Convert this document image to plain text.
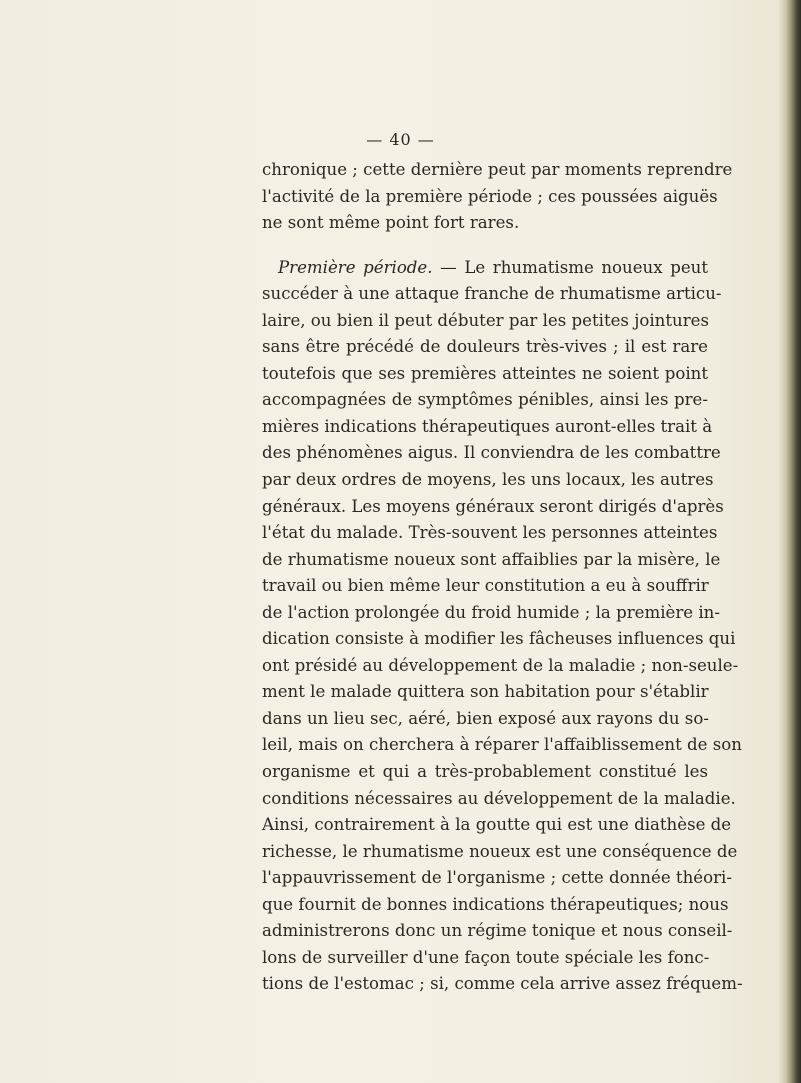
— 40 —
chronique ; cette dernière peut par moments reprendre
l'activité de la première période ; ces poussées aiguës
ne sont même point fort rares.
Première période. — Le rhumatisme noueux peut
succéder à une attaque franche de rhumatisme articu-
laire, ou bien il peut débuter par les petites jointures
sans être précédé de douleurs très-vives ; il est rare
toutefois que ses premières atteintes ne soient point
accompagnées de symptômes pénibles, ainsi les pre-
mières indications thérapeutiques auront-elles trait à
des phénomènes aigus. Il conviendra de les combattre
par deux ordres de moyens, les uns locaux, les autres
généraux. Les moyens généraux seront dirigés d'après
l'état du malade. Très-souvent les personnes atteintes
de rhumatisme noueux sont affaiblies par la misère, le
travail ou bien même leur constitution a eu à souffrir
de l'action prolongée du froid humide ; la première in-
dication consiste à modifier les fâcheuses influences qui
ont présidé au développement de la maladie ; non-seule-
ment le malade quittera son habitation pour s'établir
dans un lieu sec, aéré, bien exposé aux rayons du so-
leil, mais on cherchera à réparer l'affaiblissement de son
organisme et qui a très-probablement constitué les
conditions nécessaires au développement de la maladie.
Ainsi, contrairement à la goutte qui est une diathèse de
richesse, le rhumatisme noueux est une conséquence de
l'appauvrissement de l'organisme ; cette donnée théori-
que fournit de bonnes indications thérapeutiques; nous
administrerons donc un régime tonique et nous conseil-
lons de surveiller d'une façon toute spéciale les fonc-
tions de l'estomac ; si, comme cela arrive assez fréquem-
